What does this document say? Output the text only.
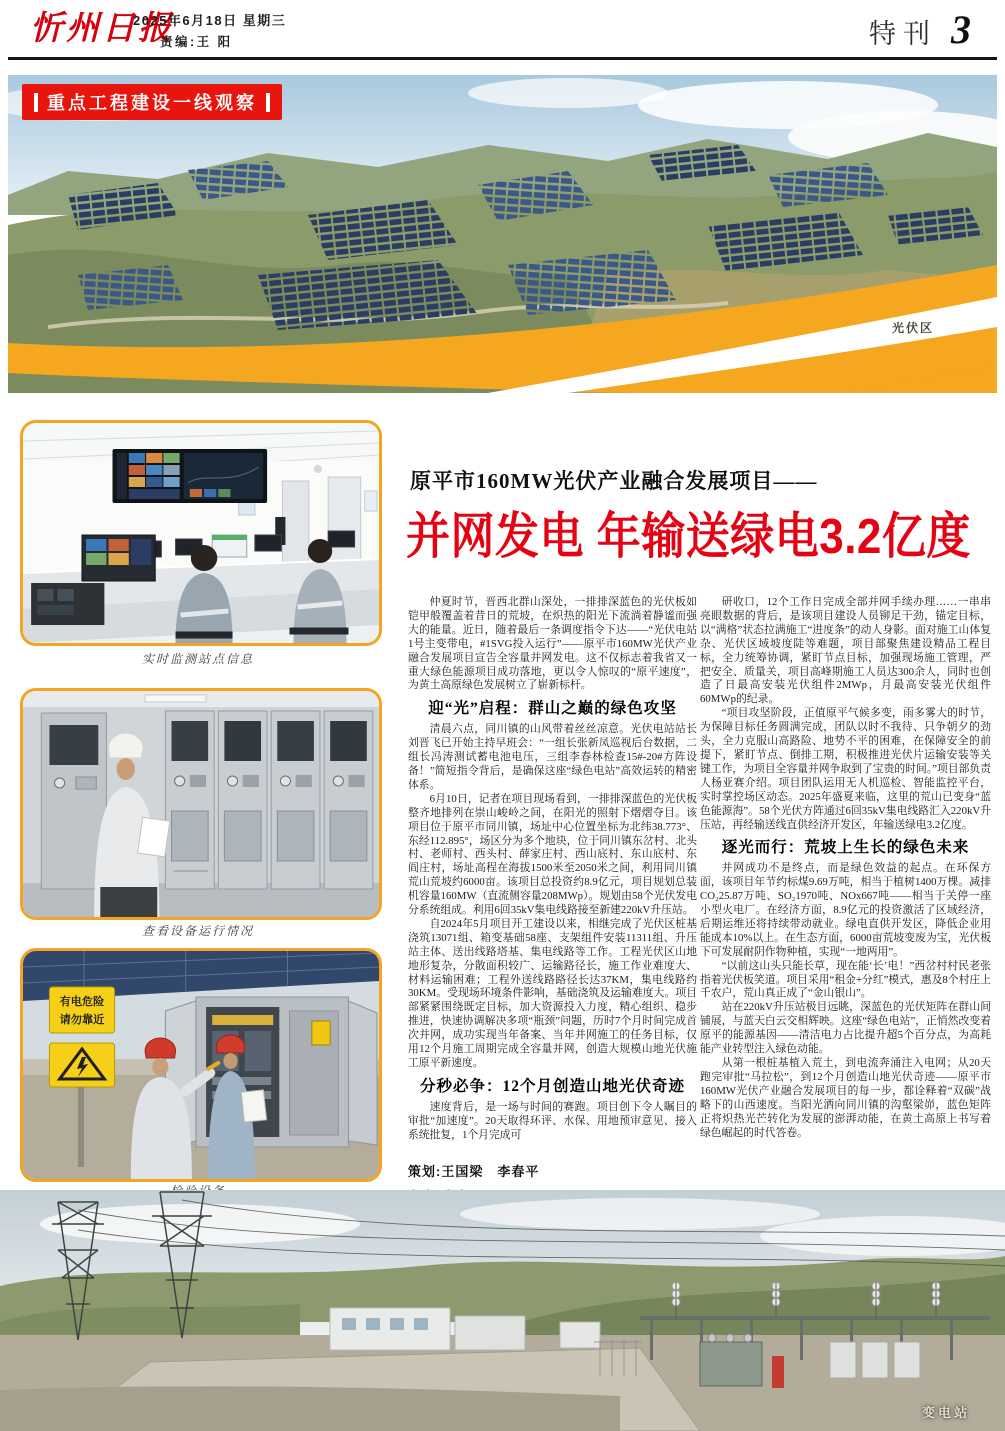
忻州日报
2025年6月18日 星期三
责编:王 阳	特刊 3
重点工程建设一线观察
光伏区
实时监测站点信息
查看设备运行情况
有电危险
请勿靠近
原平市160MW光伏产业融合发展项目——
并网发电 年输送绿电3.2亿度

仲夏时节，晋西北群山深处，一排排深蓝色的光伏板如铠甲般覆盖着昔日的荒坡，在炽热的阳光下流淌着静谧而强大的能量。近日，随着最后一条调度指令下达——“光伏电站1号主变带电，#1SVG投入运行”——原平市160MW光伏产业融合发展项目宣告全容量并网发电。这不仅标志着我省又一重大绿色能源项目成功落地，更以令人惊叹的“原平速度”，为黄土高原绿色发展树立了崭新标杆。

迎“光”启程：群山之巅的绿色攻坚

清晨六点，同川镇的山风带着丝丝凉意。光伏电站站长刘晋飞已开始主持早班会：“一组长张新凤巡视后台数据，二组长冯涛测试蓄电池电压，三组李春林检查15#-20#方阵设备！”简短指令背后，是确保这座“绿色电站”高效运转的精密体系。

6月10日，记者在项目现场看到，一排排深蓝色的光伏板整齐地排列在崇山峻岭之间，在阳光的照射下熠熠夺目。该项目位于原平市同川镇，场址中心位置坐标为北纬38.773°、东经112.895°，场区分为多个地块，位于同川镇东岔村、北头村、老师村、西头村、薛家庄村、西山底村、东山底村、东阎庄村，场址高程在海拔1500米至2050米之间，利用同川镇荒山荒坡约6000亩。该项目总投资约8.9亿元，项目规划总装机容量160MW（直流侧容量208MWp）。规划由58个光伏发电分系统组成。利用6回35kV集电线路接至新建220kV升压站。

自2024年5月项目开工建设以来，相继完成了光伏区桩基浇筑13071组、箱变基础58座、支架组件安装11311组、升压站主体、送出线路塔基、集电线路等工作。工程光伏区山地地形复杂，分散面积较广、运输路径长，施工作业难度大、材料运输困难；工程外送线路路径长达37KM，集电线路约30KM。受现场环境条件影响，基础浇筑及运输难度大。项目部紧紧围绕既定目标，加大资源投入力度，精心组织、稳步推进，快速协调解决多项“瓶颈”问题，历时7个月时间完成首次并网，成功实现当年备案、当年并网施工的任务目标，仅用12个月施工周期完成全容量并网，创造大规模山地光伏施工原平新速度。

分秒必争：12个月创造山地光伏奇迹

速度背后，是一场与时间的赛跑。项目创下令人瞩目的审批“加速度”。20天取得环评、水保、用地预审意见、接入系统批复，1个月完成可

策划:王国梁　李春平

研收口，12个工作日完成全部并网手续办理……一串串亮眼数据的背后，是该项目建设人员铆足干劲，锚定目标，以“满格”状态拉满施工“进度条”的动人身影。面对施工山体复杂、光伏区域坡度陡等难题，项目部聚焦建设精品工程目标，全力统筹协调，紧盯节点目标，加强现场施工管理，严把安全、质量关，项目高峰期施工人员达300余人，同时也创造了日最高安装光伏组件2MWp，月最高安装光伏组件60MWp的纪录。

“项目攻坚阶段，正值原平气候多变，雨多雾大的时节，为保障目标任务圆满完成，团队以时不我待、只争朝夕的劲头，全力克服山高路险、地势不平的困难，在保障安全的前提下，紧盯节点、倒排工期，积极推进光伏片运输安装等关键工作，为项目全容量并网争取到了宝贵的时间。”项目部负责人杨亚赛介绍。项目团队运用无人机巡检、智能监控平台，实时掌控场区动态。2025年盛夏来临，这里的荒山已变身“蓝色能源海”。58个光伏方阵通过6回35kV集电线路汇入220kV升压站，再经输送线直供经济开发区，年输送绿电3.2亿度。

逐光而行：荒坡上生长的绿色未来

并网成功不是终点，而是绿色效益的起点。在环保方面，该项目年节约标煤9.69万吨，相当于植树1400万棵。减排CO₂25.87万吨、SO₂1970吨、NOx667吨——相当于关停一座小型火电厂。在经济方面，8.9亿元的投资激活了区域经济，后期运维还将持续带动就业。绿电直供开发区，降低企业用能成本10%以上。在生态方面，6000亩荒坡变废为宝，光伏板下可发展耐阴作物种植，实现“一地两用”。

“以前这山头只能长草，现在能‘长’电！”西岔村村民老张指着光伏板笑道。项目采用“租金+分红”模式，惠及8个村庄上千农户，荒山真正成了“金山银山”。

站在220kV升压站极目远眺，深蓝色的光伏矩阵在群山间铺展，与蓝天白云交相辉映。这座“绿色电站”，正悄然改变着原平的能源基因——清洁电力占比提升超5个百分点，为高耗能产业转型注入绿色动能。

从第一根桩基植入荒土，到电流奔涌注入电网；从20天跑完审批“马拉松”，到12个月创造山地光伏奇迹——原平市160MW光伏产业融合发展项目的每一步，都诠释着“双碳”战略下的山西速度。当阳光洒向同川镇的沟壑梁峁，蓝色矩阵正将炽热光芒转化为发展的澎湃动能，在黄土高原上书写着绿色崛起的时代答卷。

变电站
